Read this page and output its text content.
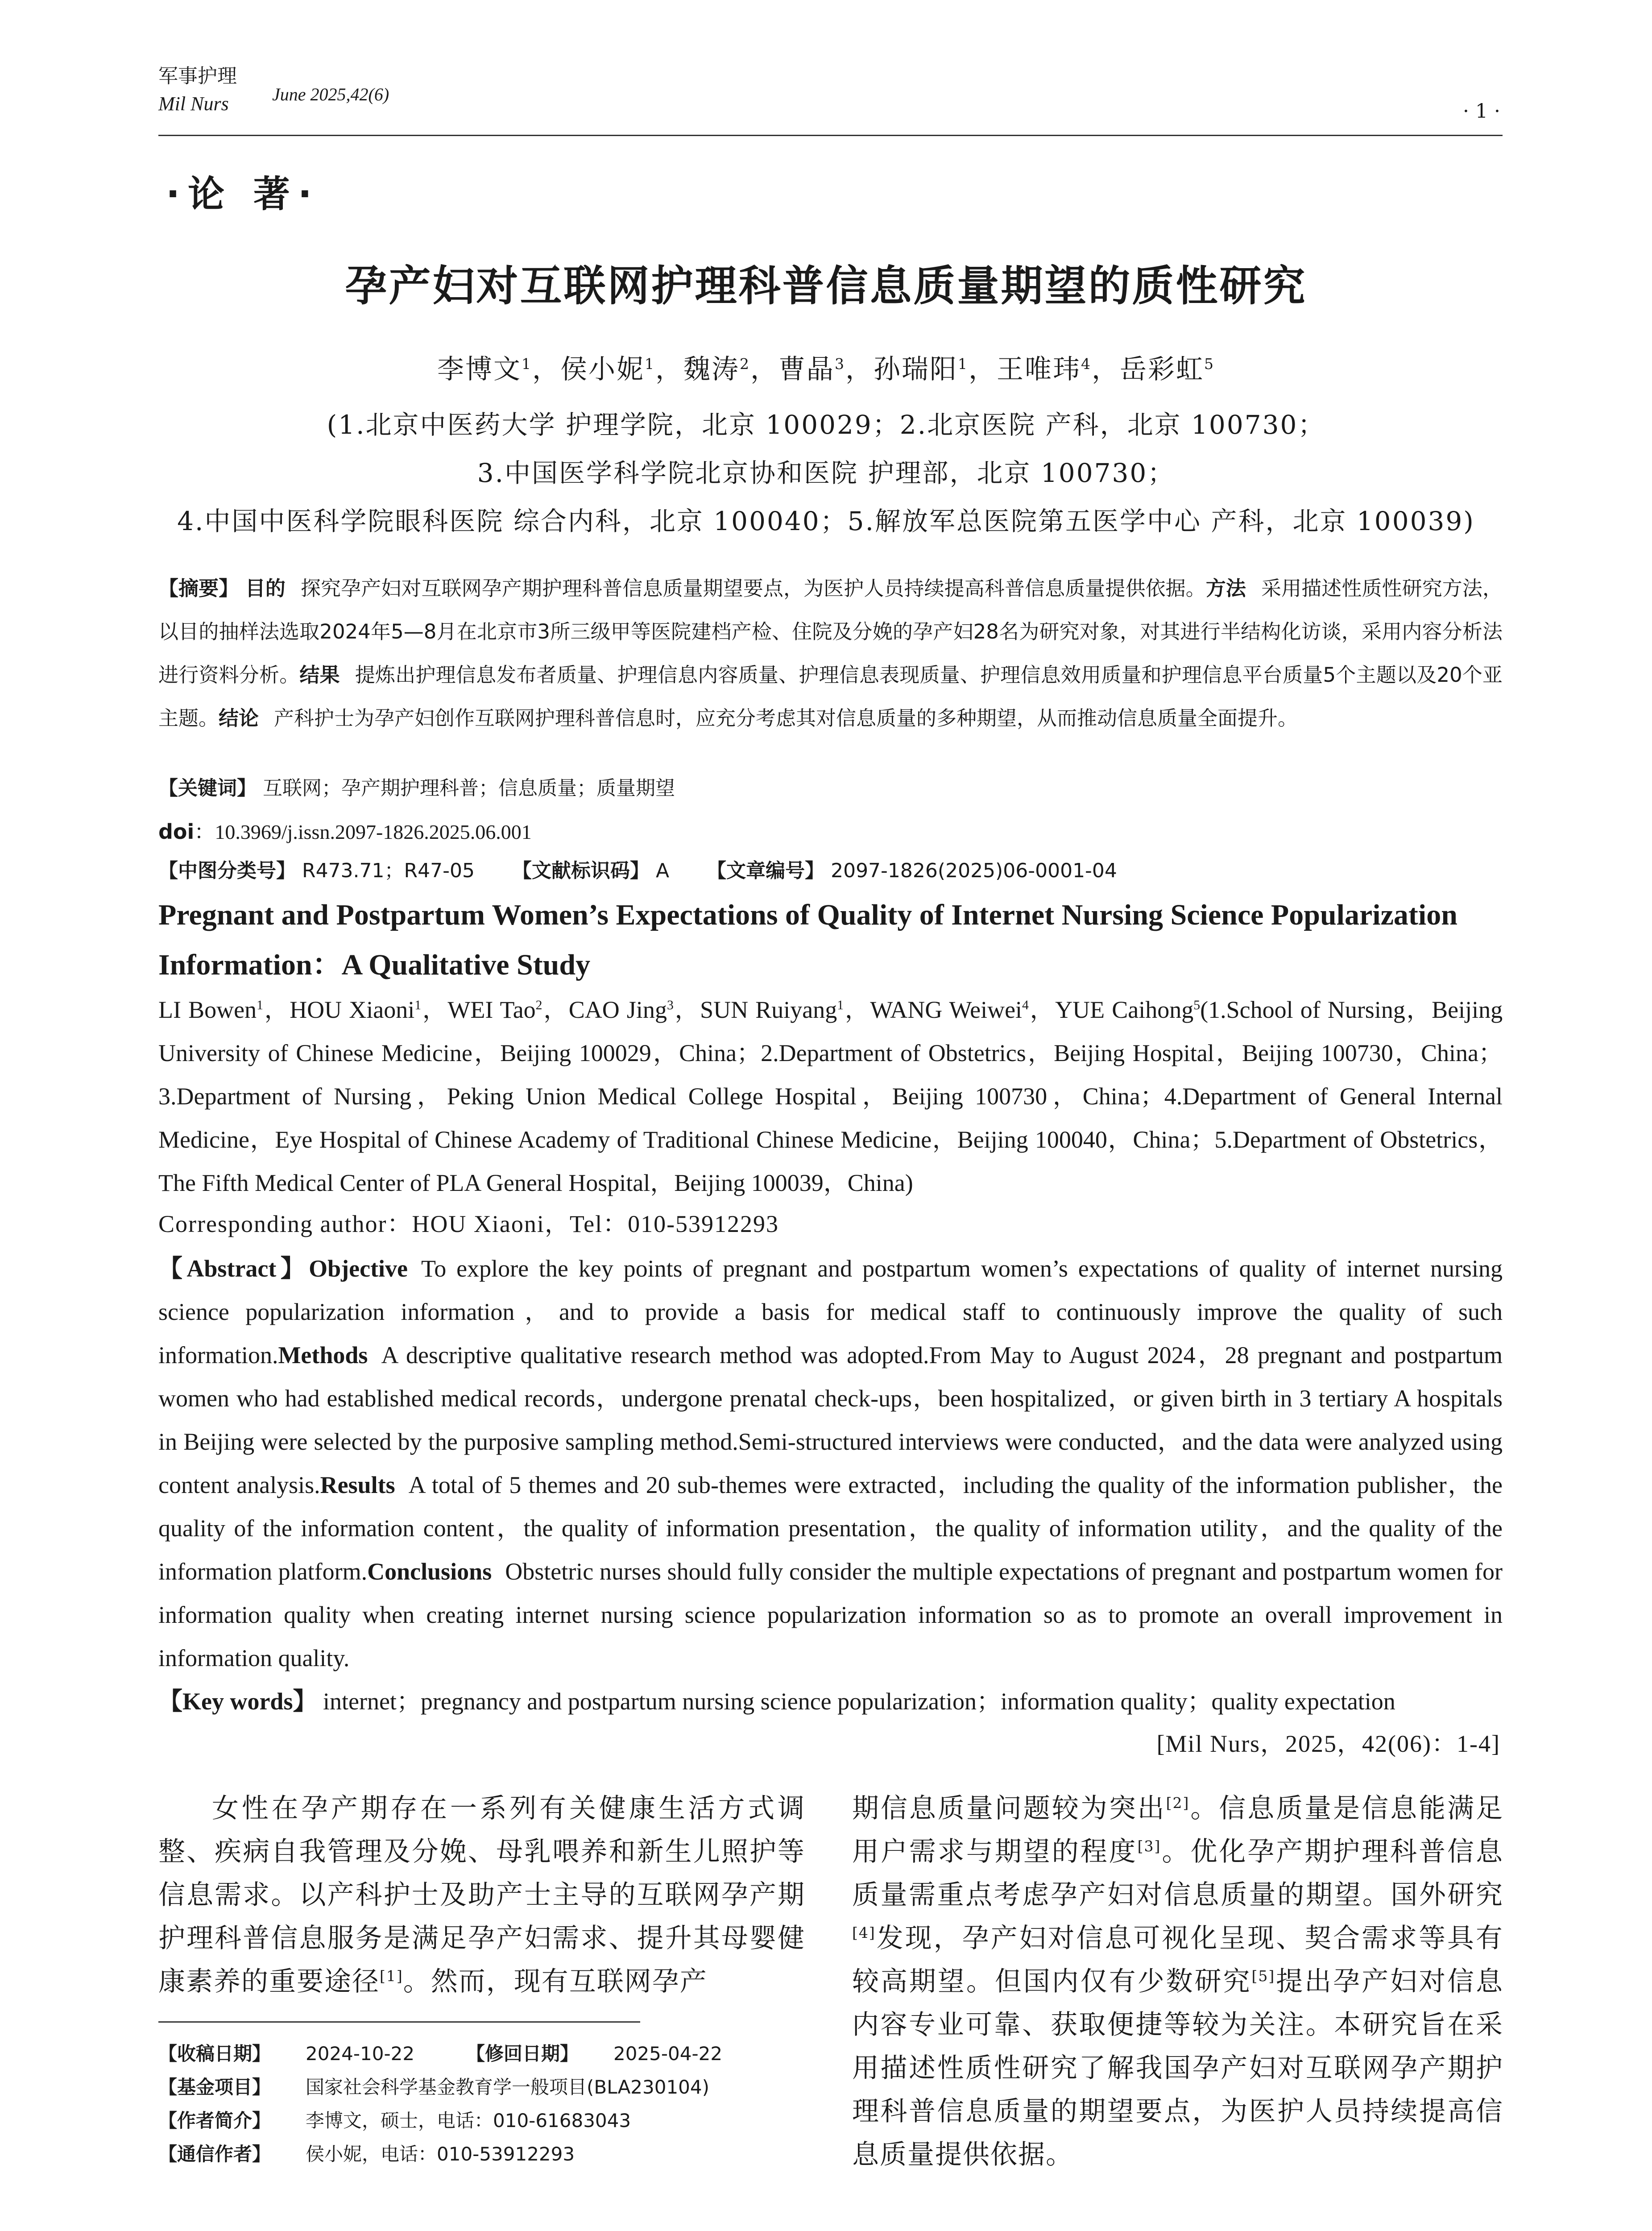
军事护理
Mil Nurs	June 2025,42(6)
· 1 ·
·论 著·
孕产妇对互联网护理科普信息质量期望的质性研究
李博文$^1$，侯小妮$^1$，魏涛$^2$，曹晶$^3$，孙瑞阳$^1$，王唯玮$^4$，岳彩虹$^5$
(1.北京中医药大学 护理学院，北京 100029；2.北京医院 产科，北京 100730；
3.中国医学科学院北京协和医院 护理部，北京 100730；
4.中国中医科学院眼科医院 综合内科，北京 100040；5.解放军总医院第五医学中心 产科，北京 100039)
【摘要】 目的 探究孕产妇对互联网孕产期护理科普信息质量期望要点，为医护人员持续提高科普信息质量提供依据。方法 采用描述性质性研究方法，以目的抽样法选取2024年5—8月在北京市3所三级甲等医院建档产检、住院及分娩的孕产妇28名为研究对象，对其进行半结构化访谈，采用内容分析法进行资料分析。结果 提炼出护理信息发布者质量、护理信息内容质量、护理信息表现质量、护理信息效用质量和护理信息平台质量5个主题以及20个亚主题。结论 产科护士为孕产妇创作互联网护理科普信息时，应充分考虑其对信息质量的多种期望，从而推动信息质量全面提升。
【关键词】 互联网；孕产期护理科普；信息质量；质量期望
doi：10.3969/j.issn.2097-1826.2025.06.001
【中图分类号】 R473.71；R47-05 【文献标识码】 A 【文章编号】 2097-1826(2025)06-0001-04
Pregnant and Postpartum Women’s Expectations of Quality of Internet Nursing Science Popularization Information：A Qualitative Study
LI Bowen$^1$，HOU Xiaoni$^1$，WEI Tao$^2$，CAO Jing$^3$，SUN Ruiyang$^1$，WANG Weiwei$^4$，YUE Caihong$^5$(1.School of Nursing，Beijing University of Chinese Medicine，Beijing 100029，China；2.Department of Obstetrics，Beijing Hospital，Beijing 100730，China；3.Department of Nursing，Peking Union Medical College Hospital，Beijing 100730，China；4.Department of General Internal Medicine，Eye Hospital of Chinese Academy of Traditional Chinese Medicine，Beijing 100040，China；5.Department of Obstetrics，The Fifth Medical Center of PLA General Hospital，Beijing 100039，China)
Corresponding author：HOU Xiaoni，Tel：010-53912293
【Abstract】Objective To explore the key points of pregnant and postpartum women’s expectations of quality of internet nursing science popularization information，and to provide a basis for medical staff to continuously improve the quality of such information.Methods A descriptive qualitative research method was adopted.From May to August 2024，28 pregnant and postpartum women who had established medical records，undergone prenatal check-ups，been hospitalized，or given birth in 3 tertiary A hospitals in Beijing were selected by the purposive sampling method.Semi-structured interviews were conducted，and the data were analyzed using content analysis.Results A total of 5 themes and 20 sub-themes were extracted，including the quality of the information publisher，the quality of the information content，the quality of information presentation，the quality of information utility，and the quality of the information platform.Conclusions Obstetric nurses should fully consider the multiple expectations of pregnant and postpartum women for information quality when creating internet nursing science popularization information so as to promote an overall improvement in information quality.
【Key words】 internet；pregnancy and postpartum nursing science popularization；information quality；quality expectation
[Mil Nurs，2025，42(06)：1-4]
女性在孕产期存在一系列有关健康生活方式调整、疾病自我管理及分娩、母乳喂养和新生儿照护等信息需求。以产科护士及助产士主导的互联网孕产期护理科普信息服务是满足孕产妇需求、提升其母婴健康素养的重要途径[1]。然而，现有互联网孕产
期信息质量问题较为突出[2]。信息质量是信息能满足用户需求与期望的程度[3]。优化孕产期护理科普信息质量需重点考虑孕产妇对信息质量的期望。国外研究[4]发现，孕产妇对信息可视化呈现、契合需求等具有较高期望。但国内仅有少数研究[5]提出孕产妇对信息内容专业可靠、获取便捷等较为关注。本研究旨在采用描述性质性研究了解我国孕产妇对互联网孕产期护理科普信息质量的期望要点，为医护人员持续提高信息质量提供依据。
【收稿日期】 2024-10-22	【修回日期】 2025-04-22
【基金项目】 国家社会科学基金教育学一般项目(BLA230104)
【作者简介】 李博文，硕士，电话：010-61683043
【通信作者】 侯小妮，电话：010-53912293
